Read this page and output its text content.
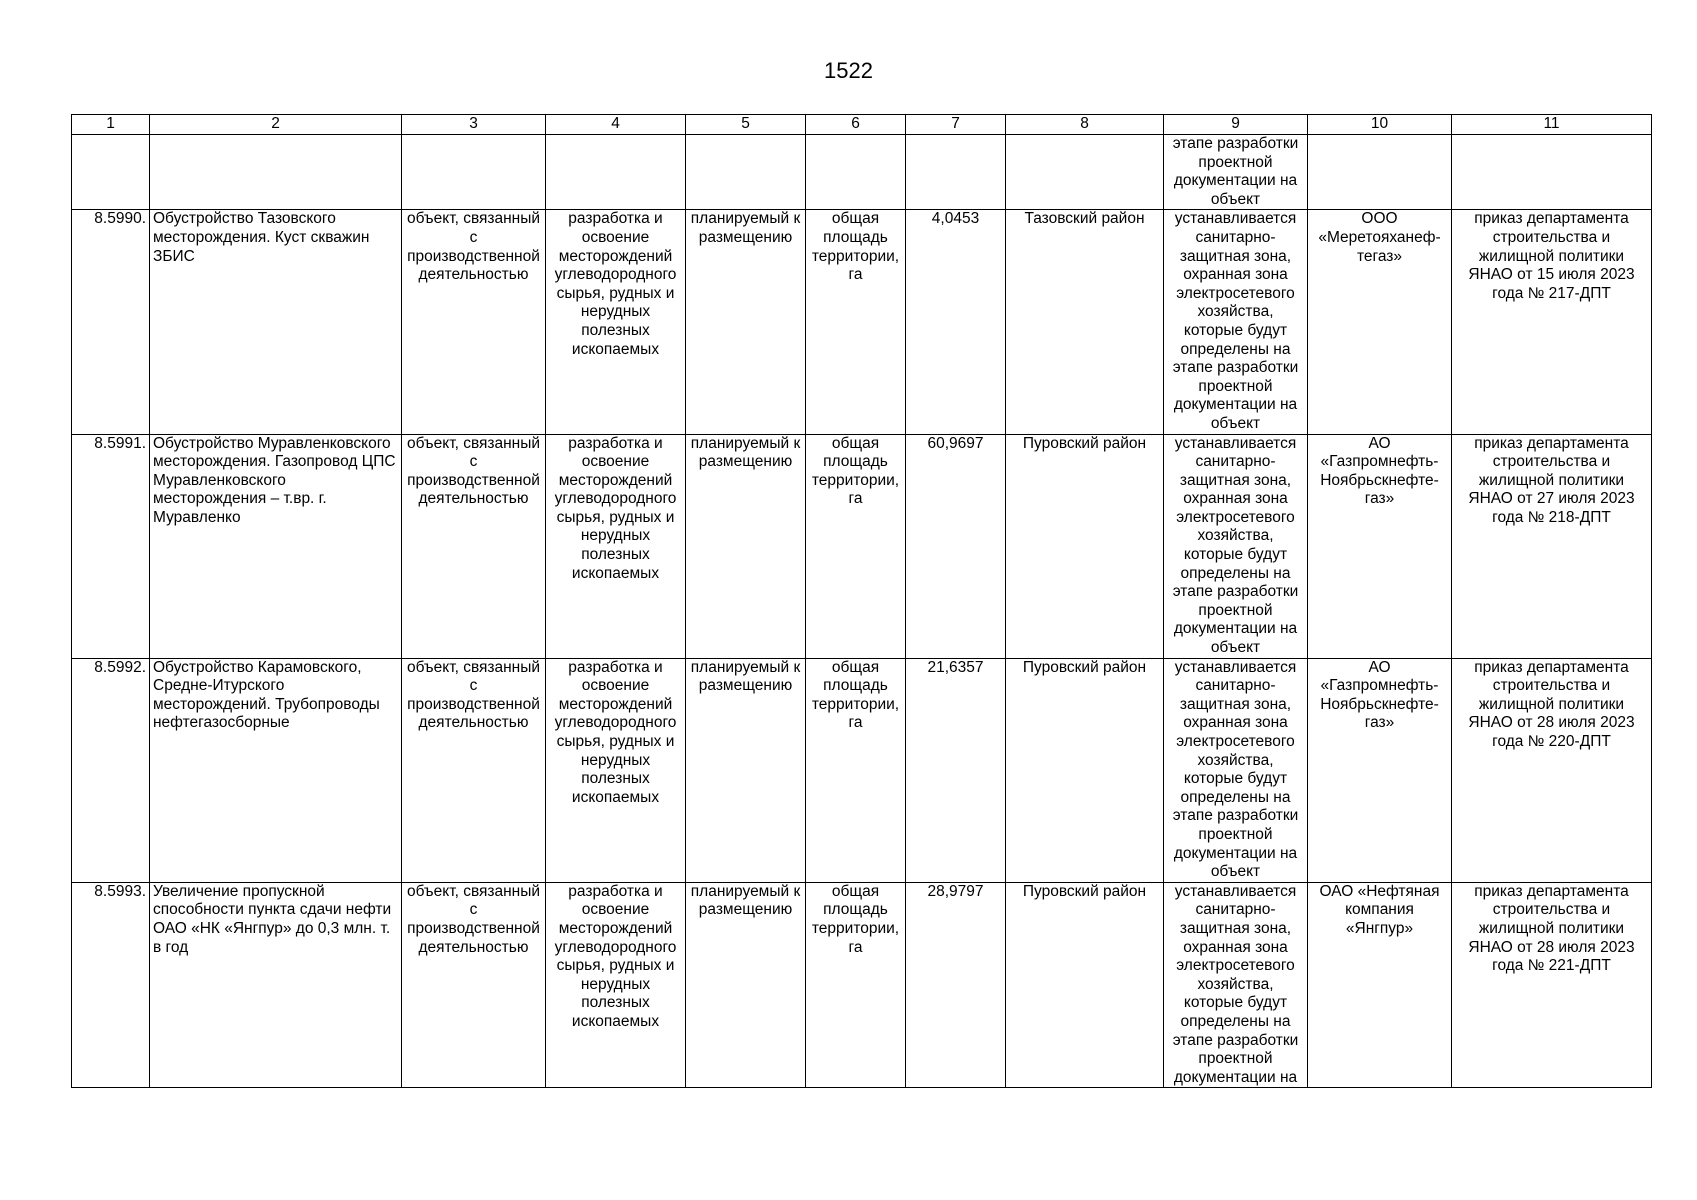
1522
1	2	3	4	5	6	7	8	9	10	11
								этапе разработки проектной документации на объект		
8.5990.	Обустройство Тазовского месторождения. Куст скважин ЗБИС	объект, связанный с производственной деятельностью	разработка и освоение месторождений углеводородного сырья, рудных и нерудных полезных ископаемых	планируемый к размещению	общая площадь территории, га	4,0453	Тазовский район	устанавливается санитарно-защитная зона, охранная зона электросетевого хозяйства, которые будут определены на этапе разработки проектной документации на объект	ООО «Меретояханеф-тегаз»	приказ департамента строительства и жилищной политики ЯНАО от 15 июля 2023 года № 217-ДПТ
8.5991.	Обустройство Муравленковского месторождения. Газопровод ЦПС Муравленковского месторождения – т.вр. г. Муравленко	объект, связанный с производственной деятельностью	разработка и освоение месторождений углеводородного сырья, рудных и нерудных полезных ископаемых	планируемый к размещению	общая площадь территории, га	60,9697	Пуровский район	устанавливается санитарно-защитная зона, охранная зона электросетевого хозяйства, которые будут определены на этапе разработки проектной документации на объект	АО «Газпромнефть-Ноябрьскнефте-газ»	приказ департамента строительства и жилищной политики ЯНАО от 27 июля 2023 года № 218-ДПТ
8.5992.	Обустройство Карамовского, Средне-Итурского месторождений. Трубопроводы нефтегазосборные	объект, связанный с производственной деятельностью	разработка и освоение месторождений углеводородного сырья, рудных и нерудных полезных ископаемых	планируемый к размещению	общая площадь территории, га	21,6357	Пуровский район	устанавливается санитарно-защитная зона, охранная зона электросетевого хозяйства, которые будут определены на этапе разработки проектной документации на объект	АО «Газпромнефть-Ноябрьскнефте-газ»	приказ департамента строительства и жилищной политики ЯНАО от 28 июля 2023 года № 220-ДПТ
8.5993.	Увеличение пропускной способности пункта сдачи нефти ОАО «НК «Янгпур» до 0,3 млн. т. в год	объект, связанный с производственной деятельностью	разработка и освоение месторождений углеводородного сырья, рудных и нерудных полезных ископаемых	планируемый к размещению	общая площадь территории, га	28,9797	Пуровский район	устанавливается санитарно-защитная зона, охранная зона электросетевого хозяйства, которые будут определены на этапе разработки проектной документации на	ОАО «Нефтяная компания «Янгпур»	приказ департамента строительства и жилищной политики ЯНАО от 28 июля 2023 года № 221-ДПТ
